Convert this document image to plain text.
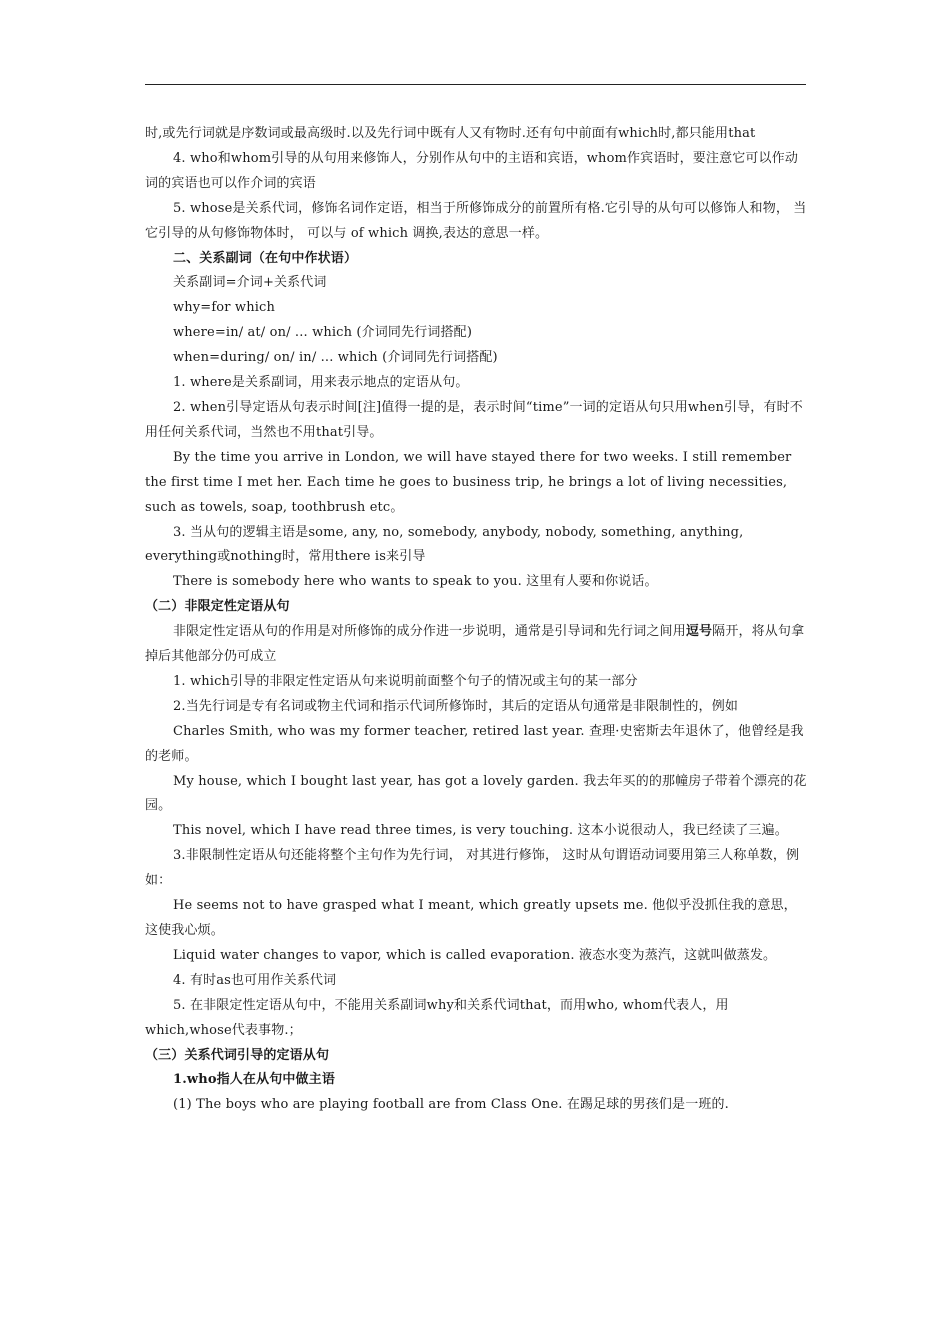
时,或先行词就是序数词或最高级时.以及先行词中既有人又有物时.还有句中前面有which时,都只能用that

4. who和whom引导的从句用来修饰人，分别作从句中的主语和宾语，whom作宾语时，要注意它可以作动词的宾语也可以作介词的宾语

5. whose是关系代词，修饰名词作定语，相当于所修饰成分的前置所有格.它引导的从句可以修饰人和物， 当它引导的从句修饰物体时， 可以与 of which 调换,表达的意思一样。

二、关系副词（在句中作状语）

关系副词=介词+关系代词

why=for which

where=in/ at/ on/ ... which (介词同先行词搭配)

when=during/ on/ in/ ... which (介词同先行词搭配)

1. where是关系副词，用来表示地点的定语从句。

2. when引导定语从句表示时间[注]值得一提的是，表示时间“time”一词的定语从句只用when引导，有时不用任何关系代词，当然也不用that引导。

By the time you arrive in London, we will have stayed there for two weeks. I still remember the first time I met her. Each time he goes to business trip, he brings a lot of living necessities, such as towels, soap, toothbrush etc。

3. 当从句的逻辑主语是some, any, no, somebody, anybody, nobody, something, anything, everything或nothing时，常用there is来引导

There is somebody here who wants to speak to you. 这里有人要和你说话。

（二）非限定性定语从句

非限定性定语从句的作用是对所修饰的成分作进一步说明，通常是引导词和先行词之间用逗号隔开，将从句拿掉后其他部分仍可成立

1. which引导的非限定性定语从句来说明前面整个句子的情况或主句的某一部分

2.当先行词是专有名词或物主代词和指示代词所修饰时，其后的定语从句通常是非限制性的，例如

Charles Smith, who was my former teacher, retired last year. 查理·史密斯去年退休了，他曾经是我的老师。

My house, which I bought last year, has got a lovely garden. 我去年买的的那幢房子带着个漂亮的花园。

This novel, which I have read three times, is very touching. 这本小说很动人，我已经读了三遍。

3.非限制性定语从句还能将整个主句作为先行词， 对其进行修饰， 这时从句谓语动词要用第三人称单数，例如：

He seems not to have grasped what I meant, which greatly upsets me. 他似乎没抓住我的意思，这使我心烦。

Liquid water changes to vapor, which is called evaporation. 液态水变为蒸汽，这就叫做蒸发。

4. 有时as也可用作关系代词

5. 在非限定性定语从句中，不能用关系副词why和关系代词that，而用who, whom代表人，用which,whose代表事物.；

（三）关系代词引导的定语从句

1.who指人在从句中做主语

(1) The boys who are playing football are from Class One. 在踢足球的男孩们是一班的.
